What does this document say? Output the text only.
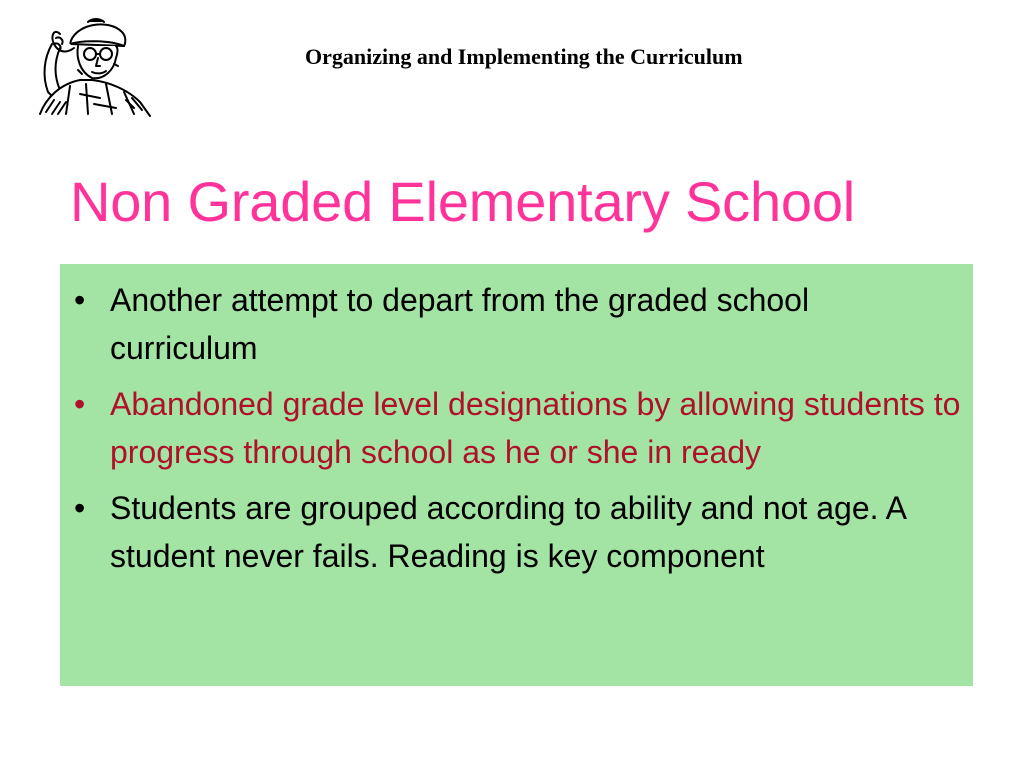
Organizing and Implementing the Curriculum
Non Graded Elementary School
• Another attempt to depart from the graded school curriculum
• Abandoned grade level designations by allowing students to progress through school as he or she in ready
• Students are grouped according to ability and not age. A student never fails. Reading is key component
